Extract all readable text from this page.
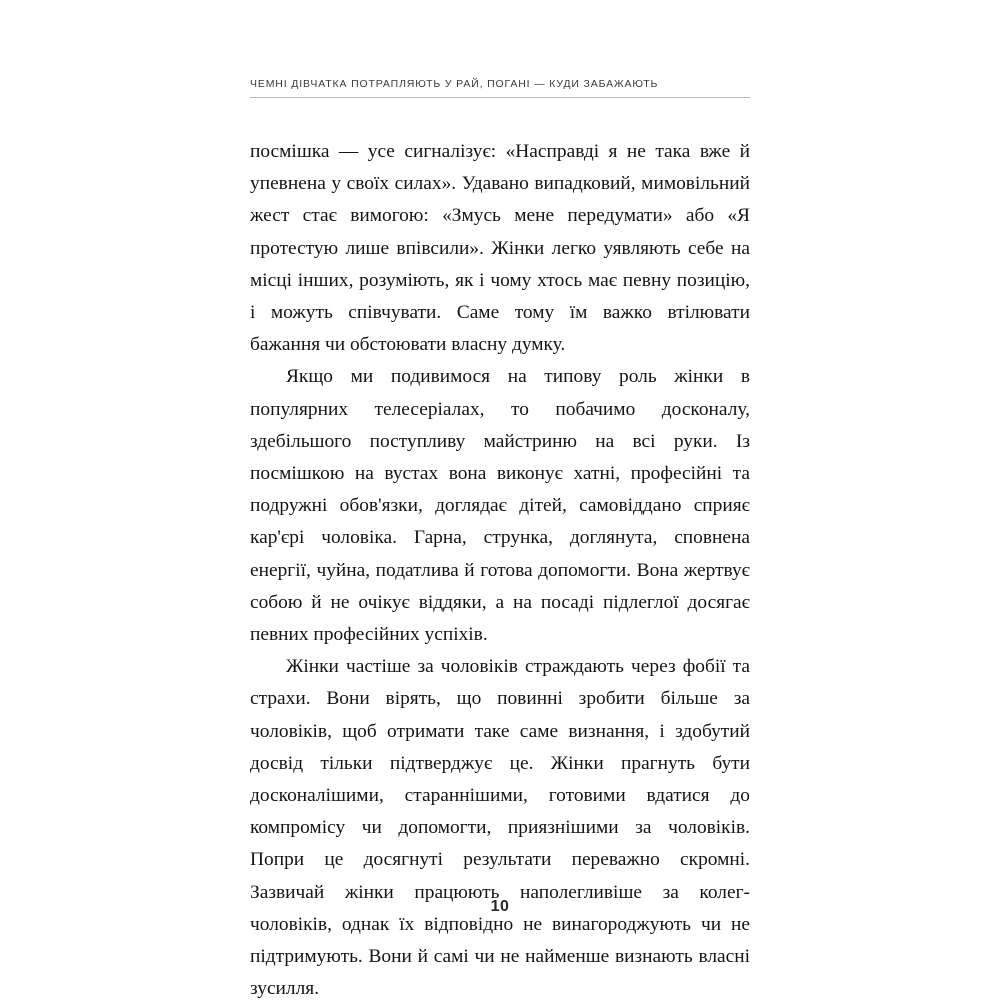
ЧЕМНІ ДІВЧАТКА ПОТРАПЛЯЮТЬ У РАЙ, ПОГАНІ — КУДИ ЗАБАЖАЮТЬ

посмішка — усе сигналізує: «Насправді я не така вже й упевнена у своїх силах». Удавано випадковий, мимовільний жест стає вимогою: «Змусь мене передумати» або «Я протестую лише впівсили». Жінки легко уявляють себе на місці інших, розуміють, як і чому хтось має певну позицію, і можуть співчувати. Саме тому їм важко втілювати бажання чи обстоювати власну думку.

Якщо ми подивимося на типову роль жінки в популярних телесеріалах, то побачимо досконалу, здебільшого поступливу майстриню на всі руки. Із посмішкою на вустах вона виконує хатні, професійні та подружні обов'язки, доглядає дітей, самовіддано сприяє кар'єрі чоловіка. Гарна, струнка, доглянута, сповнена енергії, чуйна, податлива й готова допомогти. Вона жертвує собою й не очікує віддяки, а на посаді підлеглої досягає певних професійних успіхів.

Жінки частіше за чоловіків страждають через фобії та страхи. Вони вірять, що повинні зробити більше за чоловіків, щоб отримати таке саме визнання, і здобутий досвід тільки підтверджує це. Жінки прагнуть бути досконалішими, стараннішими, готовими вдатися до компромісу чи допомогти, приязнішими за чоловіків. Попри це досягнуті результати переважно скромні. Зазвичай жінки працюють наполегливіше за колег-чоловіків, однак їх відповідно не винагороджують чи не підтримують. Вони й самі чи не найменше визнають власні зусилля.

10
